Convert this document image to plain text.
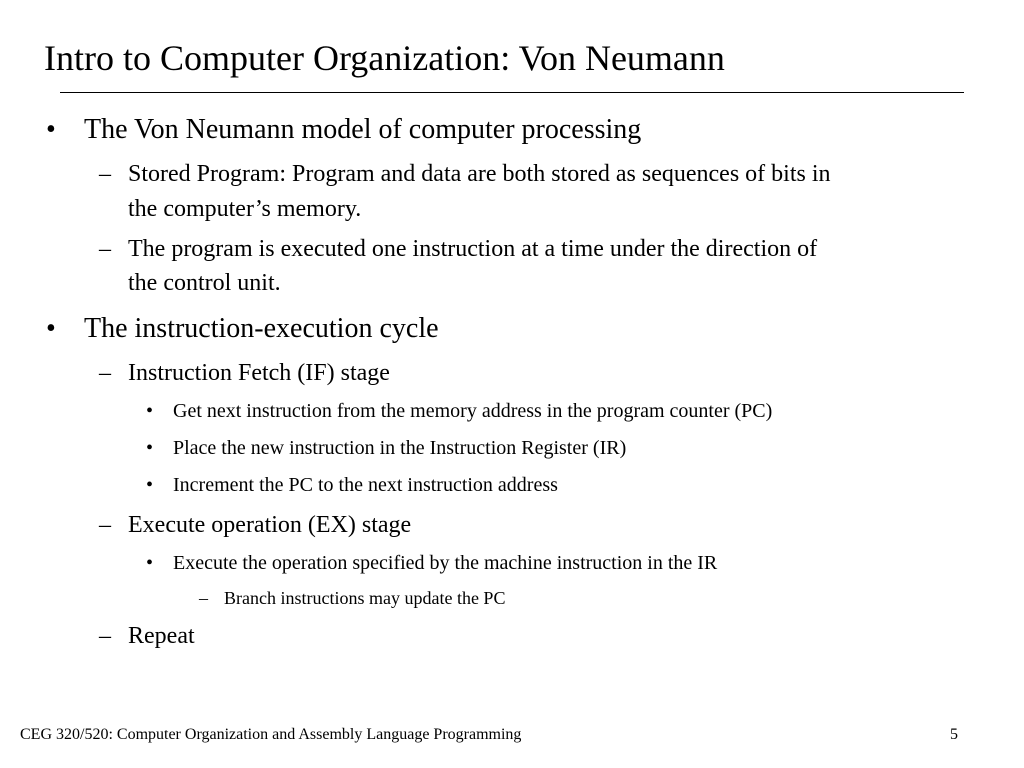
Intro to Computer Organization: Von Neumann
• The Von Neumann model of computer processing
– Stored Program: Program and data are both stored as sequences of bits in
the computer’s memory.
– The program is executed one instruction at a time under the direction of
the control unit.
• The instruction-execution cycle
– Instruction Fetch (IF) stage
• Get next instruction from the memory address in the program counter (PC)
• Place the new instruction in the Instruction Register (IR)
• Increment the PC to the next instruction address
– Execute operation (EX) stage
• Execute the operation specified by the machine instruction in the IR
– Branch instructions may update the PC
– Repeat
CEG 320/520: Computer Organization and Assembly Language Programming	5
